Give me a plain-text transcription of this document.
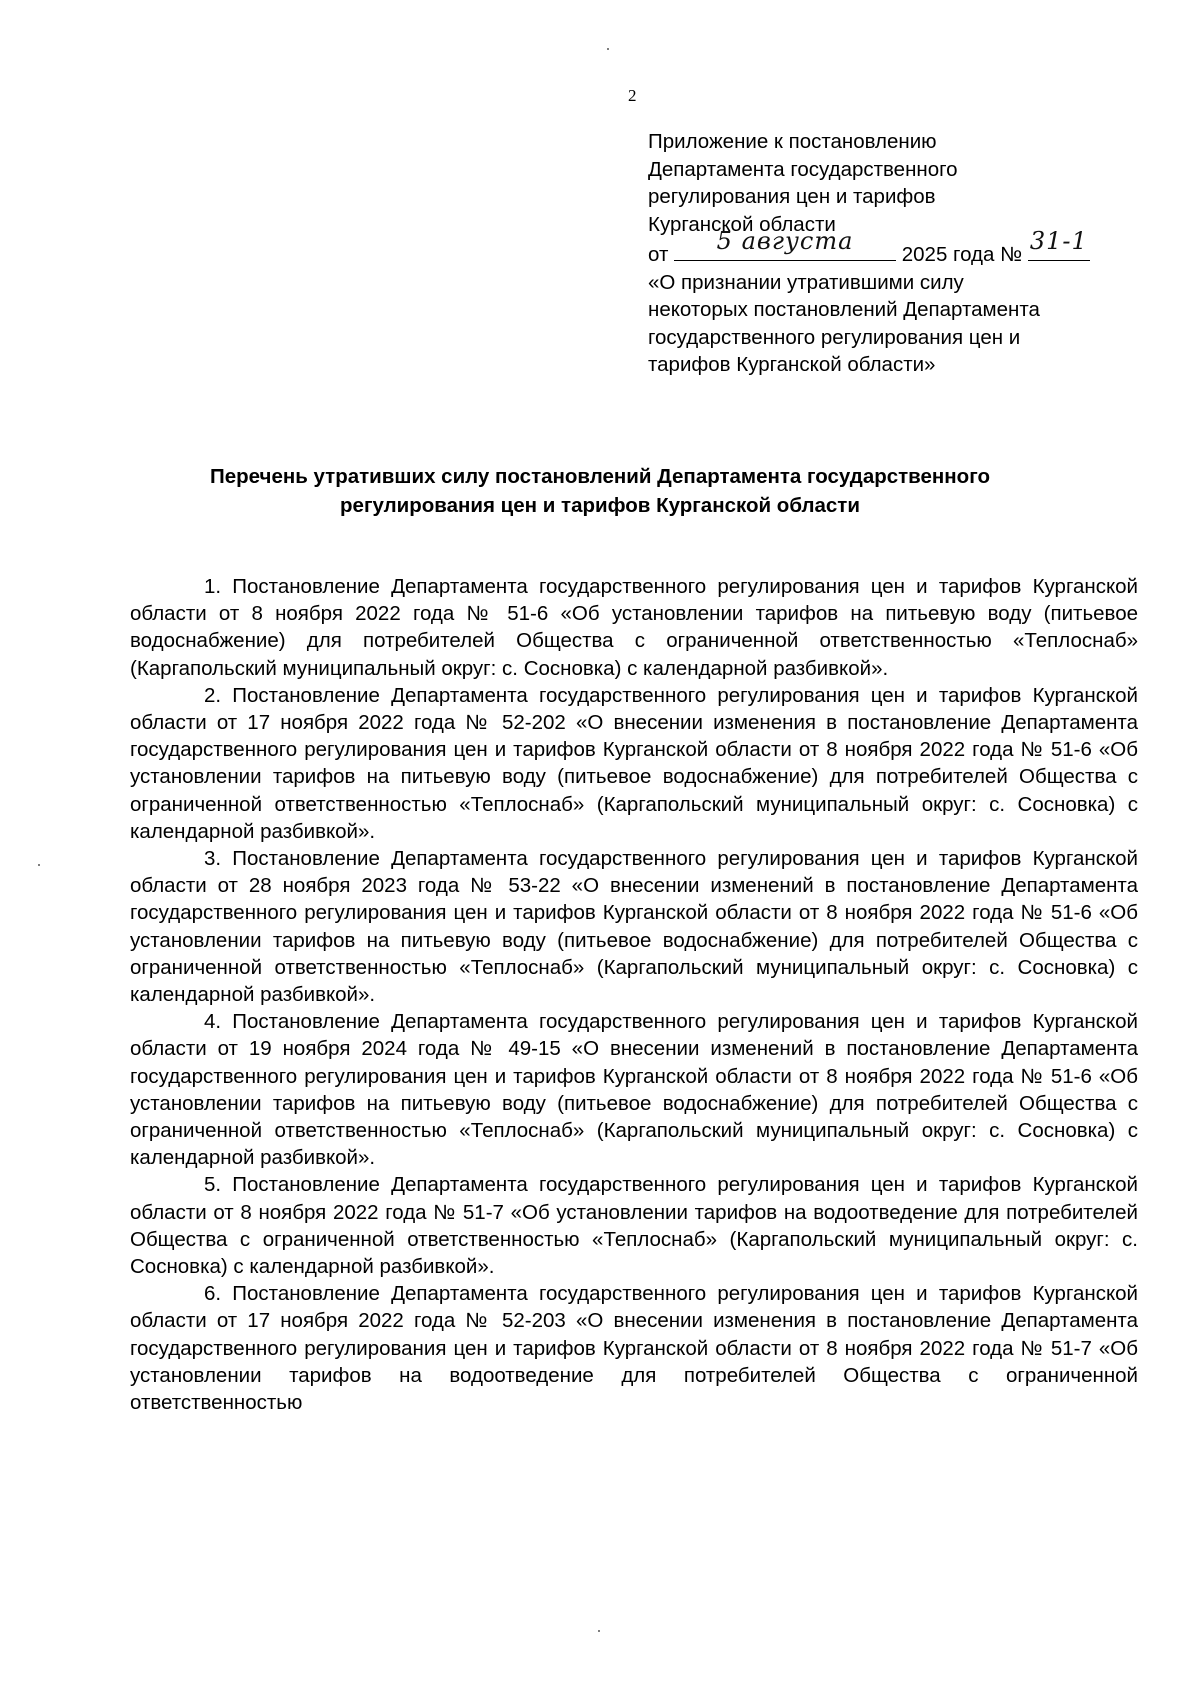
2
Приложение к постановлению
Департамента государственного
регулирования цен и тарифов
Курганской области
от	5 августа	2025 года № 31-1
«О признании утратившими силу
некоторых постановлений Департамента
государственного регулирования цен и
тарифов Курганской области»
Перечень утративших силу постановлений Департамента государственного
регулирования цен и тарифов Курганской области

1. Постановление Департамента государственного регулирования цен и тарифов Курганской области от 8 ноября 2022 года № 51-6 «Об установлении тарифов на питьевую воду (питьевое водоснабжение) для потребителей Общества с ограниченной ответственностью «Теплоснаб» (Каргапольский муниципальный округ: с. Сосновка) с календарной разбивкой».

2. Постановление Департамента государственного регулирования цен и тарифов Курганской области от 17 ноября 2022 года № 52-202 «О внесении изменения в постановление Департамента государственного регулирования цен и тарифов Курганской области от 8 ноября 2022 года № 51-6 «Об установлении тарифов на питьевую воду (питьевое водоснабжение) для потребителей Общества с ограниченной ответственностью «Теплоснаб» (Каргапольский муниципальный округ: с. Сосновка) с календарной разбивкой».

3. Постановление Департамента государственного регулирования цен и тарифов Курганской области от 28 ноября 2023 года № 53-22 «О внесении изменений в постановление Департамента государственного регулирования цен и тарифов Курганской области от 8 ноября 2022 года № 51-6 «Об установлении тарифов на питьевую воду (питьевое водоснабжение) для потребителей Общества с ограниченной ответственностью «Теплоснаб» (Каргапольский муниципальный округ: с. Сосновка) с календарной разбивкой».

4. Постановление Департамента государственного регулирования цен и тарифов Курганской области от 19 ноября 2024 года № 49-15 «О внесении изменений в постановление Департамента государственного регулирования цен и тарифов Курганской области от 8 ноября 2022 года № 51-6 «Об установлении тарифов на питьевую воду (питьевое водоснабжение) для потребителей Общества с ограниченной ответственностью «Теплоснаб» (Каргапольский муниципальный округ: с. Сосновка) с календарной разбивкой».

5. Постановление Департамента государственного регулирования цен и тарифов Курганской области от 8 ноября 2022 года № 51-7 «Об установлении тарифов на водоотведение для потребителей Общества с ограниченной ответственностью «Теплоснаб» (Каргапольский муниципальный округ: с. Сосновка) с календарной разбивкой».

6. Постановление Департамента государственного регулирования цен и тарифов Курганской области от 17 ноября 2022 года № 52-203 «О внесении изменения в постановление Департамента государственного регулирования цен и тарифов Курганской области от 8 ноября 2022 года № 51-7 «Об установлении тарифов на водоотведение для потребителей Общества с ограниченной ответственностью
